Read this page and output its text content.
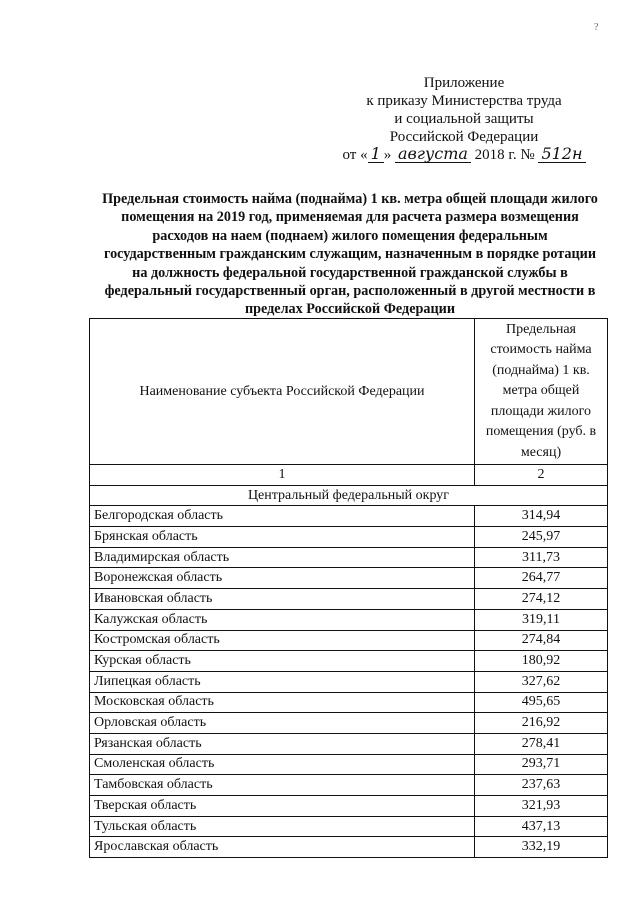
?
Приложение
к приказу Министерства труда
и социальной защиты
Российской Федерации
от « 1 » августа 2018 г. № 512н
Предельная стоимость найма (поднайма) 1 кв. метра общей площади жилого помещения на 2019 год, применяемая для расчета размера возмещения расходов на наем (поднаем) жилого помещения федеральным государственным гражданским служащим, назначенным в порядке ротации на должность федеральной государственной гражданской службы в федеральный государственный орган, расположенный в другой местности в пределах Российской Федерации
Наименование субъекта Российской Федерации	Предельная стоимость найма (поднайма) 1 кв. метра общей площади жилого помещения (руб. в месяц)
1	2
Центральный федеральный округ	
Белгородская область	314,94
Брянская область	245,97
Владимирская область	311,73
Воронежская область	264,77
Ивановская область	274,12
Калужская область	319,11
Костромская область	274,84
Курская область	180,92
Липецкая область	327,62
Московская область	495,65
Орловская область	216,92
Рязанская область	278,41
Смоленская область	293,71
Тамбовская область	237,63
Тверская область	321,93
Тульская область	437,13
Ярославская область	332,19
